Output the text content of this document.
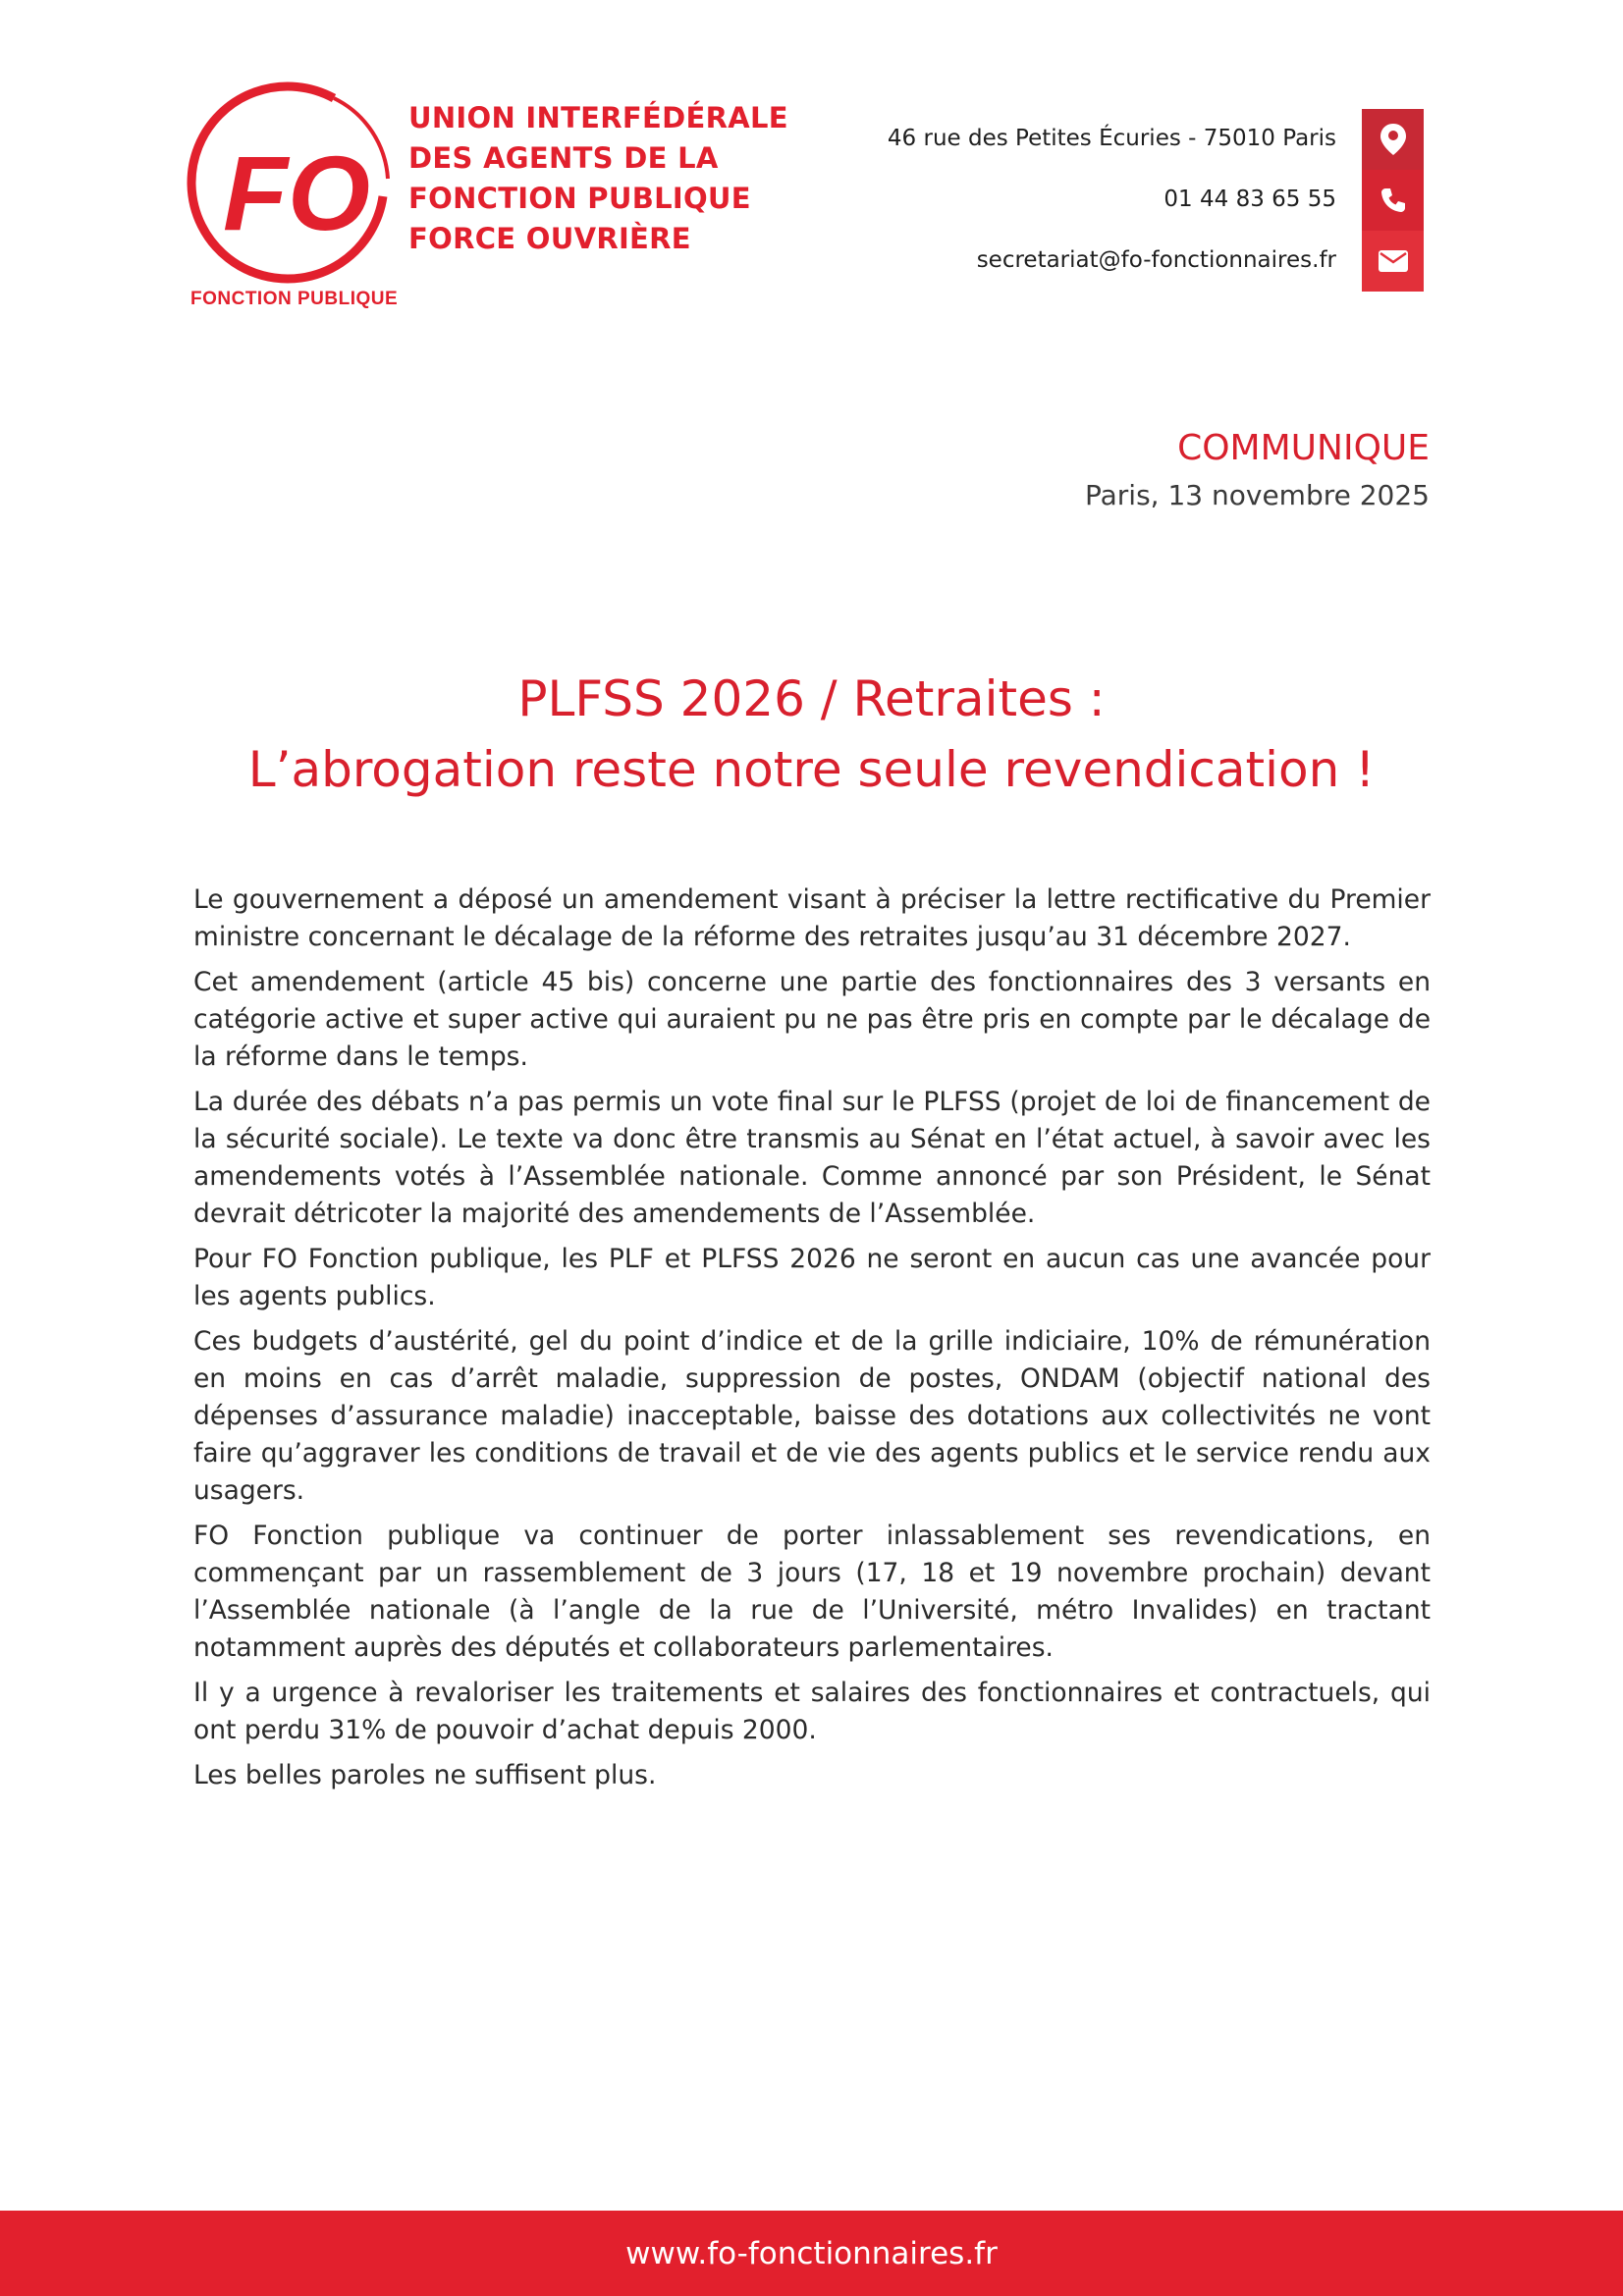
FO
FONCTION PUBLIQUE
UNION INTERFÉDÉRALE
DES AGENTS DE LA
FONCTION PUBLIQUE
FORCE OUVRIÈRE
46 rue des Petites Écuries - 75010 Paris
01 44 83 65 55
secretariat@fo-fonctionnaires.fr
COMMUNIQUE
Paris, 13 novembre 2025
PLFSS 2026 / Retraites :
L’abrogation reste notre seule revendication !

Le gouvernement a déposé un amendement visant à préciser la lettre rectificative du Premier ministre concernant le décalage de la réforme des retraites jusqu’au 31 décembre 2027.

Cet amendement (article 45 bis) concerne une partie des fonctionnaires des 3 versants en catégorie active et super active qui auraient pu ne pas être pris en compte par le décalage de la réforme dans le temps.

La durée des débats n’a pas permis un vote final sur le PLFSS (projet de loi de financement de la sécurité sociale). Le texte va donc être transmis au Sénat en l’état actuel, à savoir avec les amendements votés à l’Assemblée nationale. Comme annoncé par son Président, le Sénat devrait détricoter la majorité des amendements de l’Assemblée.

Pour FO Fonction publique, les PLF et PLFSS 2026 ne seront en aucun cas une avancée pour les agents publics.

Ces budgets d’austérité, gel du point d’indice et de la grille indiciaire, 10% de rémunération en moins en cas d’arrêt maladie, suppression de postes, ONDAM (objectif national des dépenses d’assurance maladie) inacceptable, baisse des dotations aux collectivités ne vont faire qu’aggraver les conditions de travail et de vie des agents publics et le service rendu aux usagers.

FO Fonction publique va continuer de porter inlassablement ses revendications, en commençant par un rassemblement de 3 jours (17, 18 et 19 novembre prochain) devant l’Assemblée nationale (à l’angle de la rue de l’Université, métro Invalides) en tractant notamment auprès des députés et collaborateurs parlementaires.

Il y a urgence à revaloriser les traitements et salaires des fonctionnaires et contractuels, qui ont perdu 31% de pouvoir d’achat depuis 2000.

Les belles paroles ne suffisent plus.

www.fo-fonctionnaires.fr
